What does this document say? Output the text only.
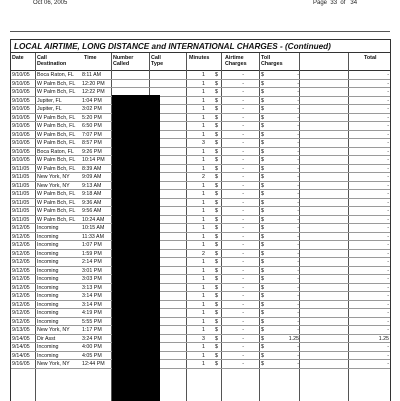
Oct 06, 2005	Page 33 of 34
LOCAL AIRTIME, LONG DISTANCE and INTERNATIONAL CHARGES - (Continued)
Date Call
Destination
Time	Number
Called
Call
Type
Minutes	Airtime
Charges
Toll
Charges
Total
9/10/05 Boca Raton, FL 8:11 AM	1 $	-	$	-	-
9/10/05 W Palm Bch, FL 12:20 PM	1 $	-	$	-	-
9/10/05 W Palm Bch, FL 12:22 PM	1 $	-	$	-	-
9/10/05 Jupiter, FL	1:04 PM	1 $	-	$	-	-
9/10/05 Jupiter, FL	3:02 PM	1 $	-	$	-	-
9/10/05 W Palm Bch, FL 5:20 PM	1 $	-	$	-	-
9/10/05 W Palm Bch, FL 6:50 PM	1 $	-	$	-	-
9/10/05 W Palm Bch, FL 7:07 PM	1 $	-	$	-	-
9/10/05 W Palm Bch, FL 8:57 PM	3 $	-	$	-	-
9/10/05 Boca Raton, FL 9:26 PM	1 $	-	$	-	-
9/10/05 W Palm Bch, FL 10:14 PM	1 $	-	$	-	-
9/11/05 W Palm Bch, FL 8:39 AM	1 $	-	$	-	-
9/11/05 New York, NY 9:09 AM	2 $	-	$	-	-
9/11/05 New York, NY 9:13 AM	1 $	-	$	-	-
9/11/05 W Palm Bch, FL 9:18 AM	1 $	-	$	-	-
9/11/05 W Palm Bch, FL 9:36 AM	1 $	-	$	-	-
9/11/05 W Palm Bch, FL 9:56 AM	1 $	-	$	-	-
9/11/05 W Palm Bch, FL 10:24 AM	1 $	-	$	-	-
9/12/05 Incoming	10:15 AM	1 $	-	$	-	-
9/12/05 Incoming	11:33 AM	1 $	-	$	-	-
9/12/05 Incoming	1:07 PM	1 $	-	$	-	-
9/12/05 Incoming	1:59 PM	2 $	-	$	-	-
9/12/05 Incoming	2:14 PM	1 $	-	$	-	-
9/12/05 Incoming	3:01 PM	1 $	-	$	-	-
9/12/05 Incoming	3:03 PM	1 $	-	$	-	-
9/12/05 Incoming	3:13 PM	1 $	-	$	-	-
9/12/05 Incoming	3:14 PM	1 $	-	$	-	-
9/12/05 Incoming	3:14 PM	1 $	-	$	-	-
9/12/05 Incoming	4:19 PM	1 $	-	$	-	-
9/12/05 Incoming	5:55 PM	1 $	-	$	-	-
9/13/05 New York, NY 1:17 PM	1 $	-	$	-	-
9/14/05 Dir Asst	3:24 PM	3 $	-	$	1.25	1.25
9/14/05 Incoming	4:00 PM	1 $	-	$	-	-
9/14/05 Incoming	4:05 PM	1 $	-	$	-	-
9/16/05 New York, NY 12:44 PM	1 $	-	$	-	-
